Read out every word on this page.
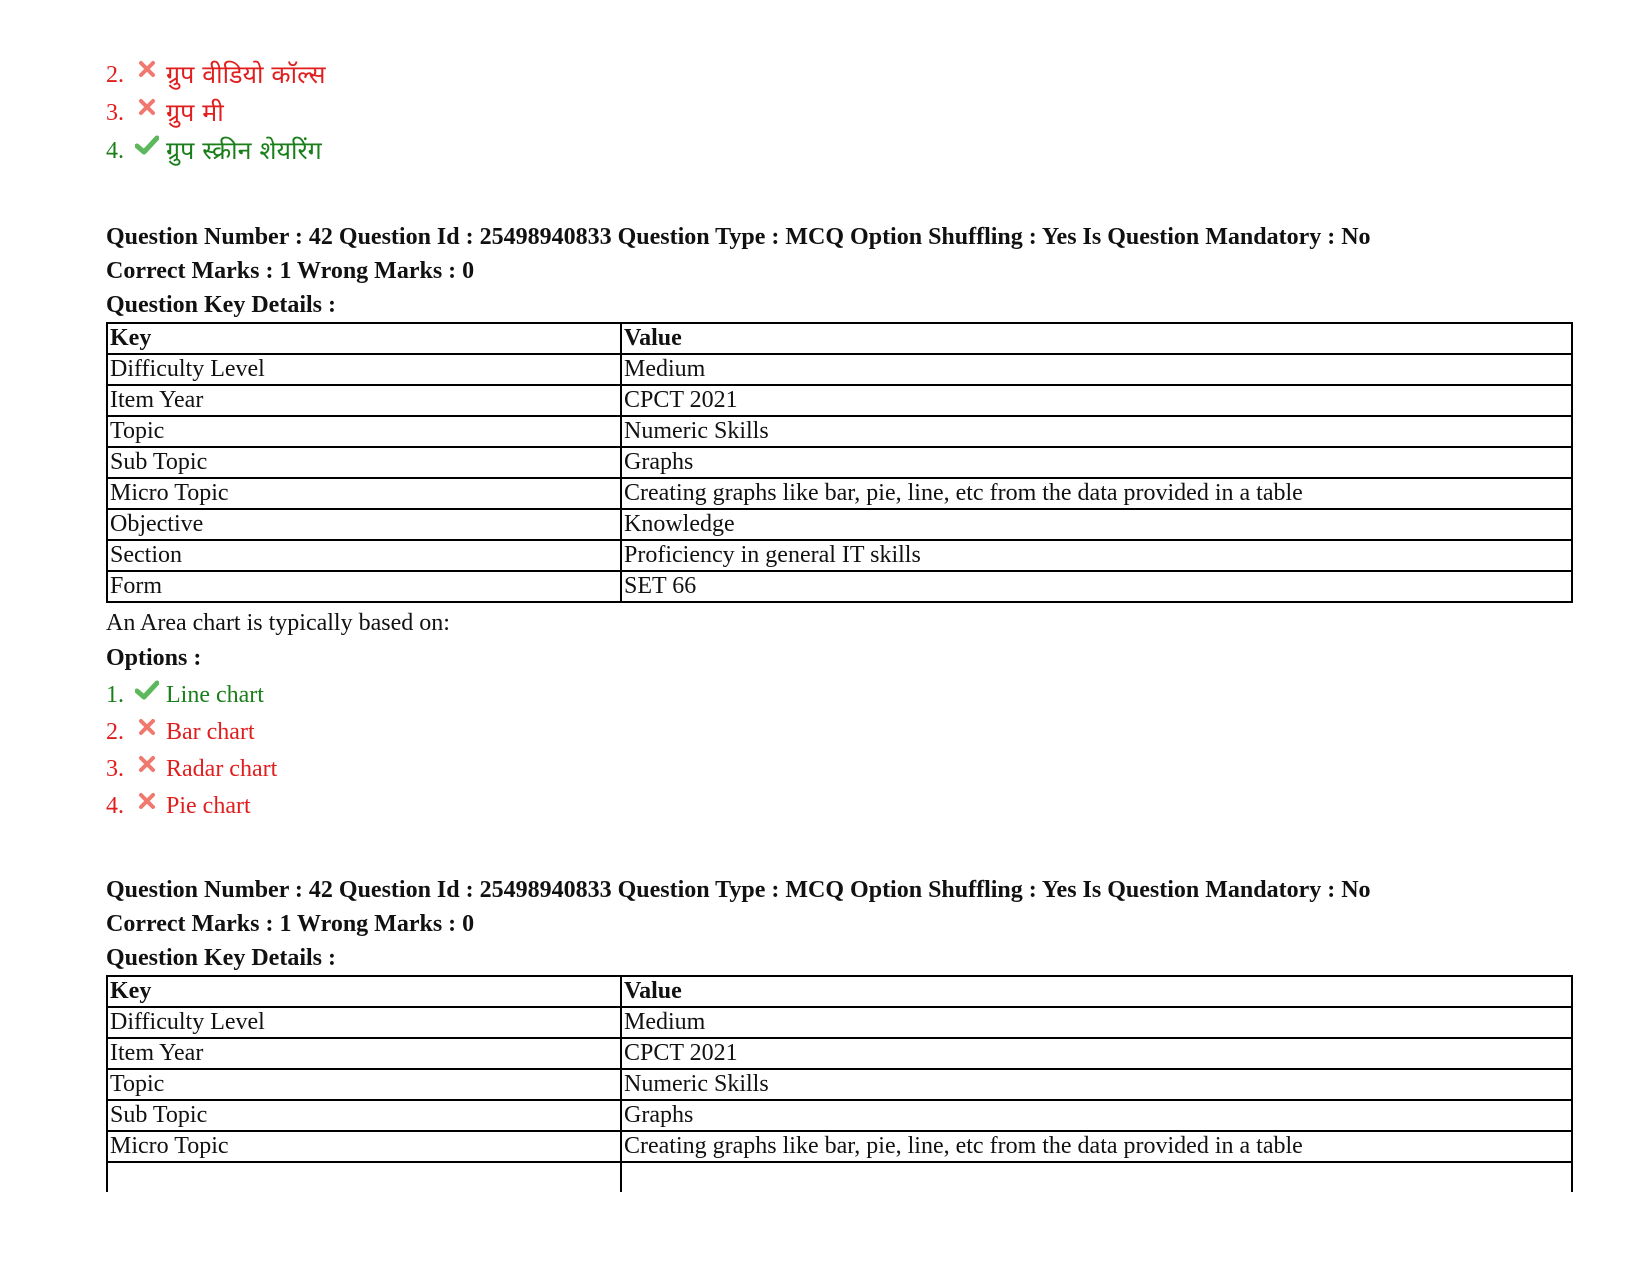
2. ग्रुप वीडियो कॉल्स
3. ग्रुप मी
4. ग्रुप स्क्रीन शेयरिंग
Question Number : 42 Question Id : 25498940833 Question Type : MCQ Option Shuffling : Yes Is Question Mandatory : No
Correct Marks : 1 Wrong Marks : 0
Question Key Details :
Key	Value
Difficulty Level	Medium
Item Year	CPCT 2021
Topic	Numeric Skills
Sub Topic	Graphs
Micro Topic	Creating graphs like bar, pie, line, etc from the data provided in a table
Objective	Knowledge
Section	Proficiency in general IT skills
Form	SET 66
An Area chart is typically based on:
Options :
1. Line chart
2. Bar chart
3. Radar chart
4. Pie chart
Question Number : 42 Question Id : 25498940833 Question Type : MCQ Option Shuffling : Yes Is Question Mandatory : No
Correct Marks : 1 Wrong Marks : 0
Question Key Details :
Key	Value
Difficulty Level	Medium
Item Year	CPCT 2021
Topic	Numeric Skills
Sub Topic	Graphs
Micro Topic	Creating graphs like bar, pie, line, etc from the data provided in a table
